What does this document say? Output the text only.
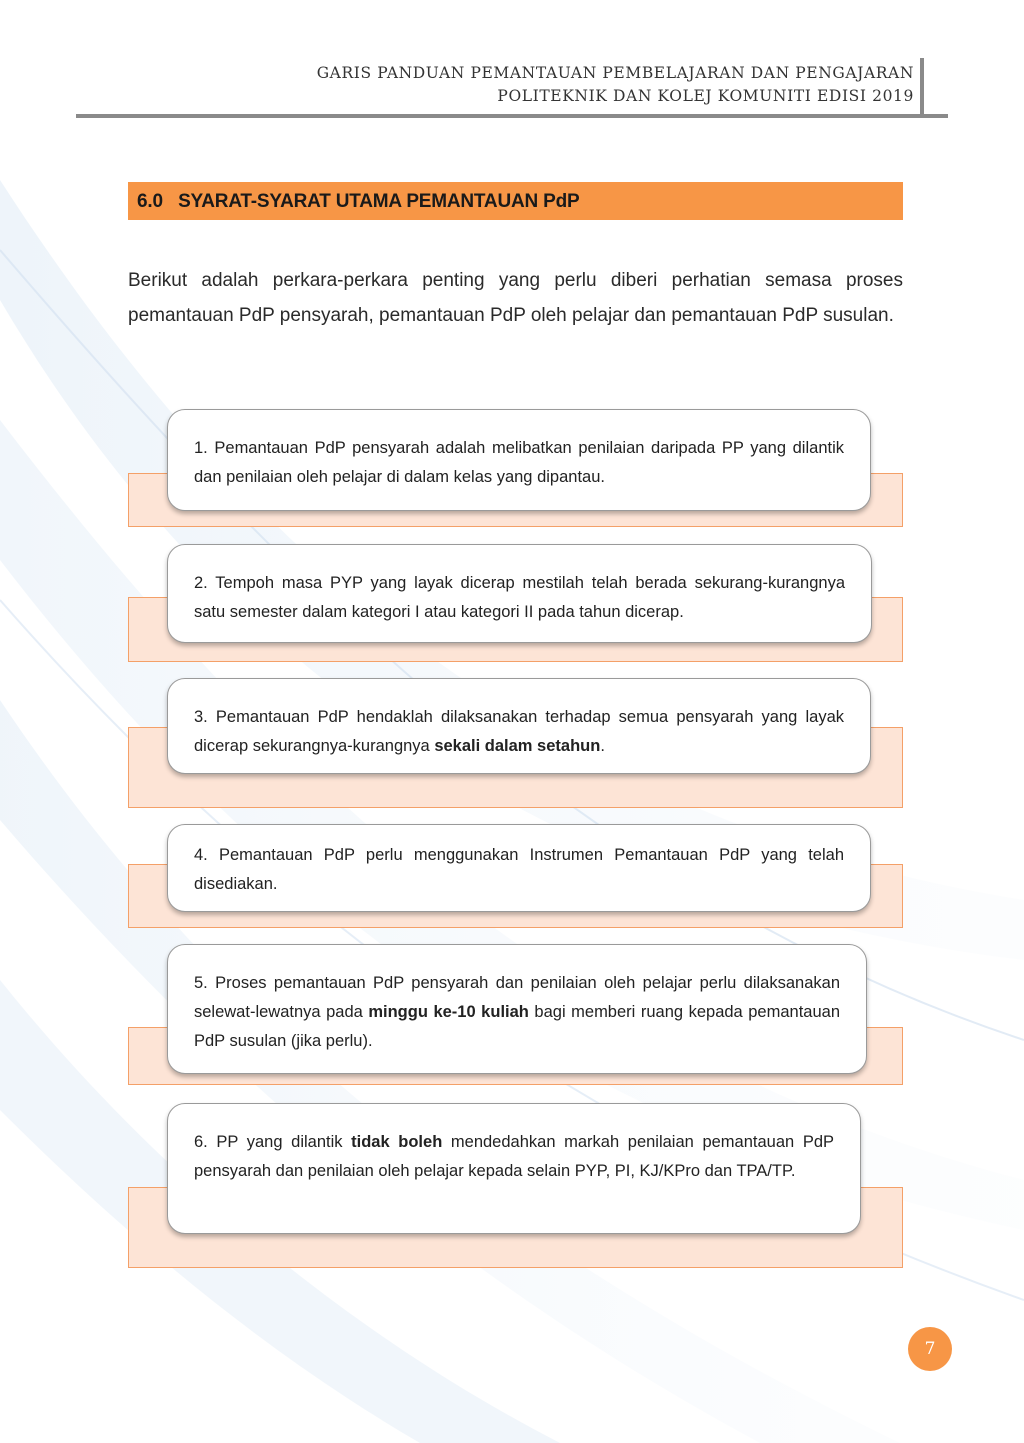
GARIS PANDUAN PEMANTAUAN PEMBELAJARAN DAN PENGAJARAN
POLITEKNIK DAN KOLEJ KOMUNITI EDISI 2019
6.0 SYARAT-SYARAT UTAMA PEMANTAUAN PdP
Berikut adalah perkara-perkara penting yang perlu diberi perhatian semasa proses pemantauan PdP pensyarah, pemantauan PdP oleh pelajar dan pemantauan PdP susulan.
1. Pemantauan PdP pensyarah adalah melibatkan penilaian daripada PP yang dilantik dan penilaian oleh pelajar di dalam kelas yang dipantau.
2. Tempoh masa PYP yang layak dicerap mestilah telah berada sekurang-kurangnya satu semester dalam kategori I atau kategori II pada tahun dicerap.
3. Pemantauan PdP hendaklah dilaksanakan terhadap semua pensyarah yang layak dicerap sekurangnya-kurangnya sekali dalam setahun.
4. Pemantauan PdP perlu menggunakan Instrumen Pemantauan PdP yang telah disediakan.
5. Proses pemantauan PdP pensyarah dan penilaian oleh pelajar perlu dilaksanakan selewat-lewatnya pada minggu ke-10 kuliah bagi memberi ruang kepada pemantauan PdP susulan (jika perlu).
6. PP yang dilantik tidak boleh mendedahkan markah penilaian pemantauan PdP pensyarah dan penilaian oleh pelajar kepada selain PYP, PI, KJ/KPro dan TPA/TP.
7
